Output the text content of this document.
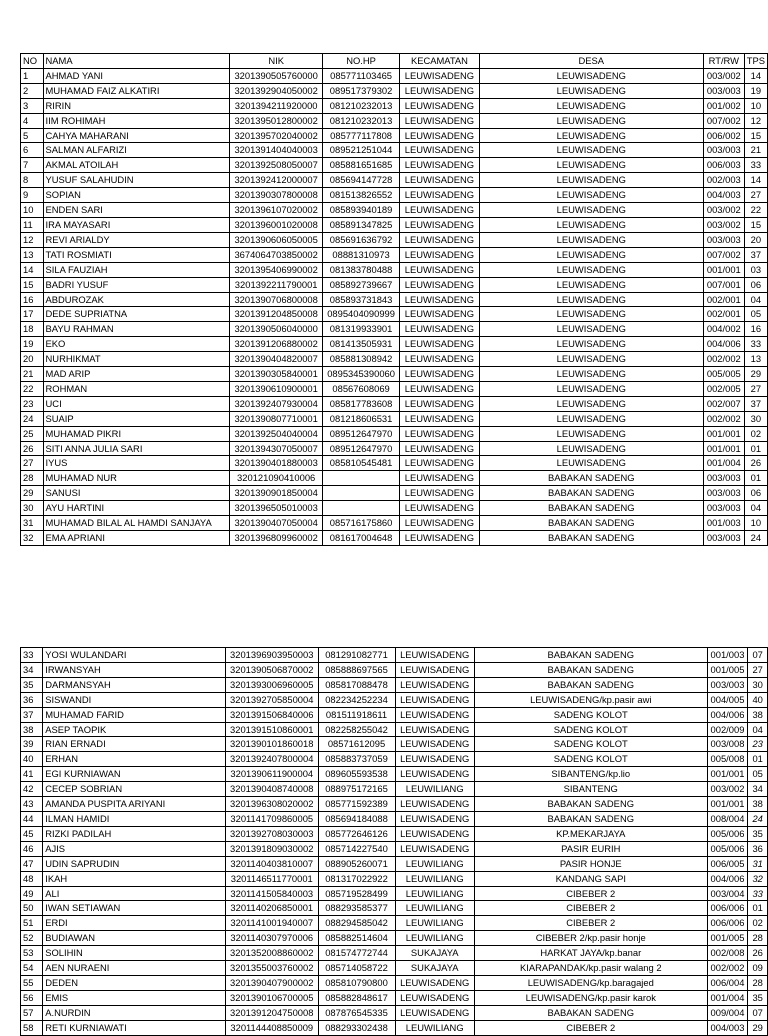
NO	NAMA	NIK	NO.HP	KECAMATAN	DESA	RT/RW	TPS
1	AHMAD YANI	3201390505760000	085771103465	LEUWISADENG	LEUWISADENG	003/002	14
2	MUHAMAD FAIZ ALKATIRI	3201392904050002	089517379302	LEUWISADENG	LEUWISADENG	003/003	19
3	RIRIN	3201394211920000	081210232013	LEUWISADENG	LEUWISADENG	001/002	10
4	IIM ROHIMAH	3201395012800002	081210232013	LEUWISADENG	LEUWISADENG	007/002	12
5	CAHYA MAHARANI	3201395702040002	085777117808	LEUWISADENG	LEUWISADENG	006/002	15
6	SALMAN ALFARIZI	3201391404040003	089521251044	LEUWISADENG	LEUWISADENG	003/003	21
7	AKMAL ATOILAH	3201392508050007	085881651685	LEUWISADENG	LEUWISADENG	006/003	33
8	YUSUF SALAHUDIN	3201392412000007	085694147728	LEUWISADENG	LEUWISADENG	002/003	14
9	SOPIAN	3201390307800008	081513826552	LEUWISADENG	LEUWISADENG	004/003	27
10	ENDEN SARI	3201396107020002	085893940189	LEUWISADENG	LEUWISADENG	003/002	22
11	IRA MAYASARI	3201396001020008	085891347825	LEUWISADENG	LEUWISADENG	003/002	15
12	REVI ARIALDY	3201390606050005	085691636792	LEUWISADENG	LEUWISADENG	003/003	20
13	TATI ROSMIATI	3674064703850002	08881310973	LEUWISADENG	LEUWISADENG	007/002	37
14	SILA FAUZIAH	3201395406990002	081383780488	LEUWISADENG	LEUWISADENG	001/001	03
15	BADRI YUSUF	3201392211790001	085892739667	LEUWISADENG	LEUWISADENG	007/001	06
16	ABDUROZAK	3201390706800008	085893731843	LEUWISADENG	LEUWISADENG	002/001	04
17	DEDE SUPRIATNA	3201391204850008	0895404090999	LEUWISADENG	LEUWISADENG	002/001	05
18	BAYU RAHMAN	3201390506040000	081319933901	LEUWISADENG	LEUWISADENG	004/002	16
19	EKO	3201391206880002	081413505931	LEUWISADENG	LEUWISADENG	004/006	33
20	NURHIKMAT	3201390404820007	085881308942	LEUWISADENG	LEUWISADENG	002/002	13
21	MAD ARIP	3201390305840001	0895345390060	LEUWISADENG	LEUWISADENG	005/005	29
22	ROHMAN	3201390610900001	08567608069	LEUWISADENG	LEUWISADENG	002/005	27
23	UCI	3201392407930004	085817783608	LEUWISADENG	LEUWISADENG	002/007	37
24	SUAIP	3201390807710001	081218606531	LEUWISADENG	LEUWISADENG	002/002	30
25	MUHAMAD PIKRI	3201392504040004	089512647970	LEUWISADENG	LEUWISADENG	001/001	02
26	SITI ANNA JULIA SARI	3201394307050007	089512647970	LEUWISADENG	LEUWISADENG	001/001	01
27	IYUS	3201390401880003	085810545481	LEUWISADENG	LEUWISADENG	001/004	26
28	MUHAMAD NUR	320121090410006		LEUWISADENG	BABAKAN SADENG	003/003	01
29	SANUSI	3201390901850004		LEUWISADENG	BABAKAN SADENG	003/003	06
30	AYU HARTINI	3201396505010003		LEUWISADENG	BABAKAN SADENG	003/003	04
31	MUHAMAD BILAL AL HAMDI SANJAYA	3201390407050004	085716175860	LEUWISADENG	BABAKAN SADENG	001/003	10
32	EMA APRIANI	3201396809960002	081617004648	LEUWISADENG	BABAKAN SADENG	003/003	24
33	YOSI WULANDARI	3201396903950003	081291082771	LEUWISADENG	BABAKAN SADENG	001/003	07
34	IRWANSYAH	3201390506870002	085888697565	LEUWISADENG	BABAKAN SADENG	001/005	27
35	DARMANSYAH	3201393006960005	085817088478	LEUWISADENG	BABAKAN SADENG	003/003	30
36	SISWANDI	3201392705850004	082234252234	LEUWISADENG	LEUWISADENG/kp.pasir awi	004/005	40
37	MUHAMAD FARID	3201391506840006	081511918611	LEUWISADENG	SADENG KOLOT	004/006	38
38	ASEP TAOPIK	3201391510860001	082258255042	LEUWISADENG	SADENG KOLOT	002/009	04
39	RIAN ERNADI	3201390101860018	08571612095	LEUWISADENG	SADENG KOLOT	003/008	23
40	ERHAN	3201392407800004	085883737059	LEUWISADENG	SADENG KOLOT	005/008	01
41	EGI KURNIAWAN	3201390611900004	089605593538	LEUWISADENG	SIBANTENG/kp.lio	001/001	05
42	CECEP SOBRIAN	3201390408740008	088975172165	LEUWILIANG	SIBANTENG	003/002	34
43	AMANDA PUSPITA ARIYANI	3201396308020002	085771592389	LEUWISADENG	BABAKAN SADENG	001/001	38
44	ILMAN HAMIDI	3201141709860005	085694184088	LEUWISADENG	BABAKAN SADENG	008/004	24
45	RIZKI PADILAH	3201392708030003	085772646126	LEUWISADENG	KP.MEKARJAYA	005/006	35
46	AJIS	3201391809030002	085714227540	LEUWISADENG	PASIR EURIH	005/006	36
47	UDIN SAPRUDIN	3201140403810007	088905260071	LEUWILIANG	PASIR HONJE	006/005	31
48	IKAH	3201146511770001	081317022922	LEUWILIANG	KANDANG SAPI	004/006	32
49	ALI	3201141505840003	085719528499	LEUWILIANG	CIBEBER 2	003/004	33
50	IWAN SETIAWAN	3201140206850001	088293585377	LEUWILIANG	CIBEBER 2	006/006	01
51	ERDI	3201141001940007	088294585042	LEUWILIANG	CIBEBER 2	006/006	02
52	BUDIAWAN	3201140307970006	085882514604	LEUWILIANG	CIBEBER 2/kp.pasir honje	001/005	28
53	SOLIHIN	3201352008860002	081574772744	SUKAJAYA	HARKAT JAYA/kp.banar	002/008	26
54	AEN NURAENI	3201355003760002	085714058722	SUKAJAYA	KIARAPANDAK/kp.pasir walang 2	002/002	09
55	DEDEN	3201390407900002	085810790800	LEUWISADENG	LEUWISADENG/kp.baragajed	006/004	28
56	EMIS	3201390106700005	085882848617	LEUWISADENG	LEUWISADENG/kp.pasir karok	001/004	35
57	A.NURDIN	3201391204750008	087876545335	LEUWISADENG	BABAKAN SADENG	009/004	07
58	RETI KURNIAWATI	3201144408850009	088293302438	LEUWILIANG	CIBEBER 2	004/003	29
